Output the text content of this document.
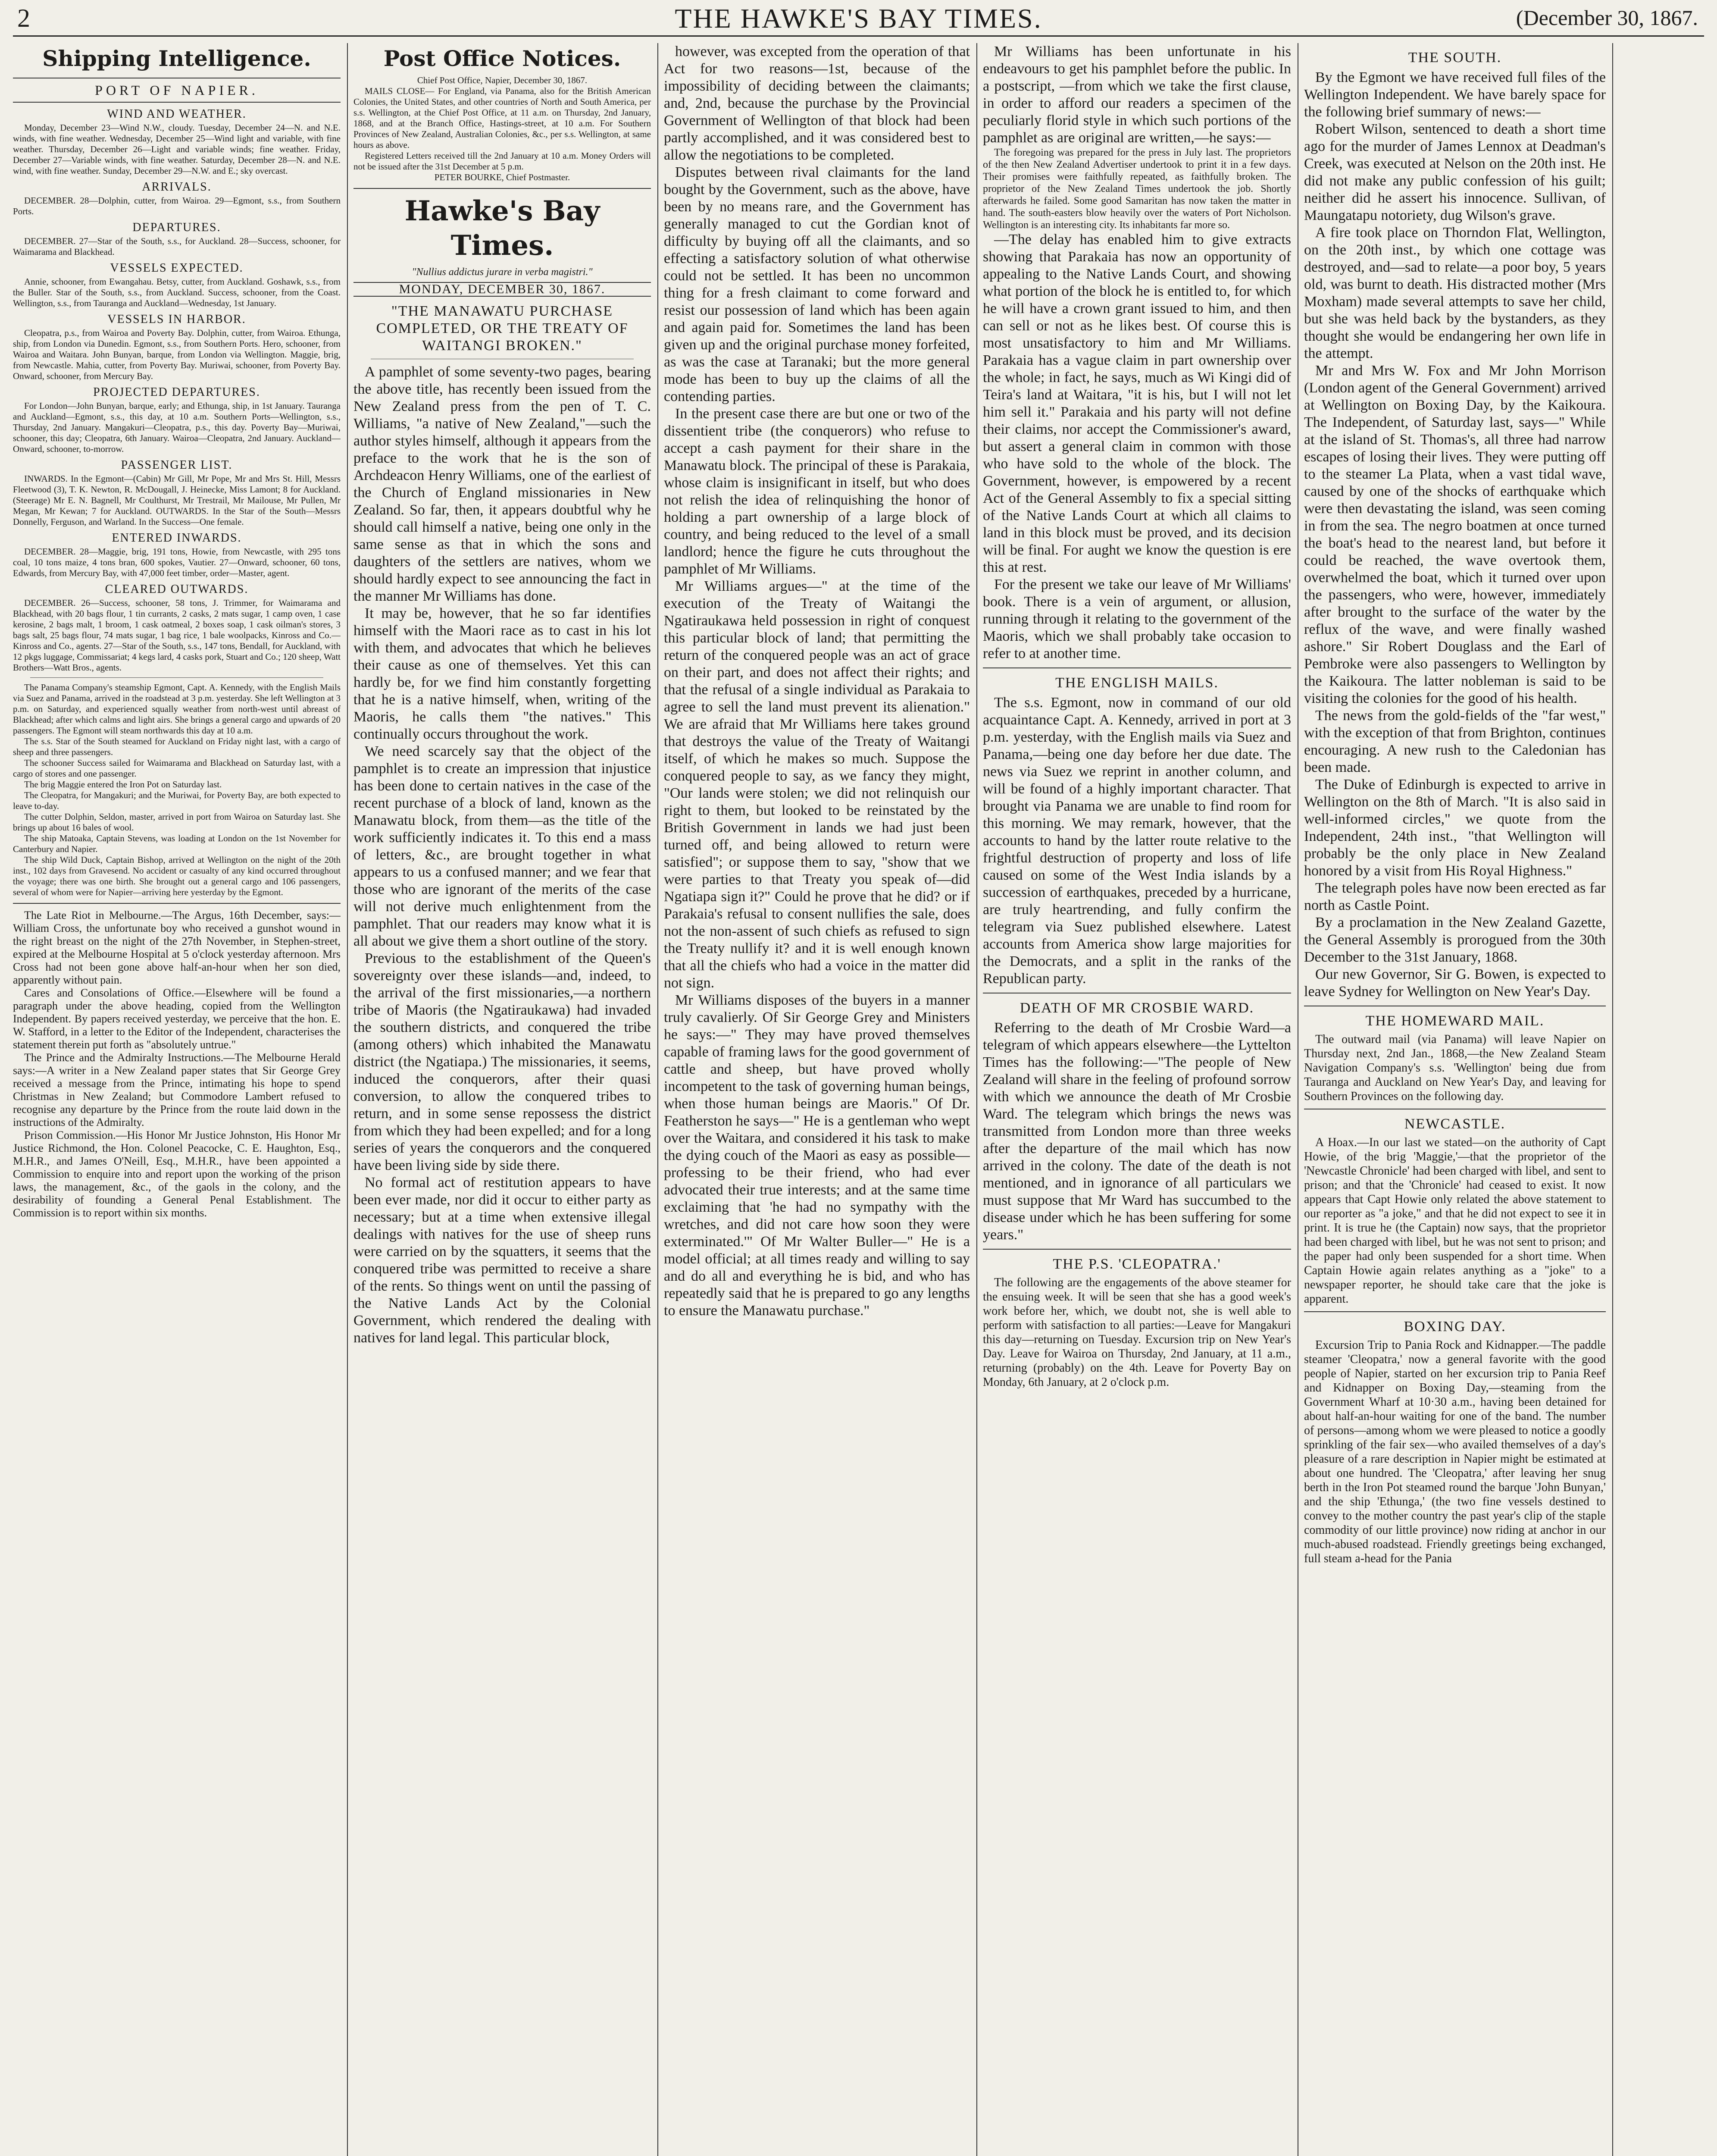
2	THE HAWKE'S BAY TIMES.	(December 30, 1867.
Shipping Intelligence.
PORT OF NAPIER.
WIND AND WEATHER.

Monday, December 23—Wind N.W., cloudy. Tuesday, December 24—N. and N.E. winds, with fine weather. Wednesday, December 25—Wind light and variable, with fine weather. Thursday, December 26—Light and variable winds; fine weather. Friday, December 27—Variable winds, with fine weather. Saturday, December 28—N. and N.E. wind, with fine weather. Sunday, December 29—N.W. and E.; sky overcast.

ARRIVALS.

DECEMBER. 28—Dolphin, cutter, from Wairoa. 29—Egmont, s.s., from Southern Ports.

DEPARTURES.

DECEMBER. 27—Star of the South, s.s., for Auckland. 28—Success, schooner, for Waimarama and Blackhead.

VESSELS EXPECTED.

Annie, schooner, from Ewangahau. Betsy, cutter, from Auckland. Goshawk, s.s., from the Buller. Star of the South, s.s., from Auckland. Success, schooner, from the Coast. Wellington, s.s., from Tauranga and Auckland—Wednesday, 1st January.

VESSELS IN HARBOR.

Cleopatra, p.s., from Wairoa and Poverty Bay. Dolphin, cutter, from Wairoa. Ethunga, ship, from London via Dunedin. Egmont, s.s., from Southern Ports. Hero, schooner, from Wairoa and Waitara. John Bunyan, barque, from London via Wellington. Maggie, brig, from Newcastle. Mahia, cutter, from Poverty Bay. Muriwai, schooner, from Poverty Bay. Onward, schooner, from Mercury Bay.

PROJECTED DEPARTURES.

For London—John Bunyan, barque, early; and Ethunga, ship, in 1st January. Tauranga and Auckland—Egmont, s.s., this day, at 10 a.m. Southern Ports—Wellington, s.s., Thursday, 2nd January. Mangakuri—Cleopatra, p.s., this day. Poverty Bay—Muriwai, schooner, this day; Cleopatra, 6th January. Wairoa—Cleopatra, 2nd January. Auckland—Onward, schooner, to-morrow.

PASSENGER LIST.

INWARDS. In the Egmont—(Cabin) Mr Gill, Mr Pope, Mr and Mrs St. Hill, Messrs Fleetwood (3), T. K. Newton, R. McDougall, J. Heinecke, Miss Lamont; 8 for Auckland. (Steerage) Mr E. N. Bagnell, Mr Coulthurst, Mr Trestrail, Mr Mailouse, Mr Pullen, Mr Megan, Mr Kewan; 7 for Auckland. OUTWARDS. In the Star of the South—Messrs Donnelly, Ferguson, and Warland. In the Success—One female.

ENTERED INWARDS.

DECEMBER. 28—Maggie, brig, 191 tons, Howie, from Newcastle, with 295 tons coal, 10 tons maize, 4 tons bran, 600 spokes, Vautier. 27—Onward, schooner, 60 tons, Edwards, from Mercury Bay, with 47,000 feet timber, order—Master, agent.

CLEARED OUTWARDS.

DECEMBER. 26—Success, schooner, 58 tons, J. Trimmer, for Waimarama and Blackhead, with 20 bags flour, 1 tin currants, 2 casks, 2 mats sugar, 1 camp oven, 1 case kerosine, 2 bags malt, 1 broom, 1 cask oatmeal, 2 boxes soap, 1 cask oilman's stores, 3 bags salt, 25 bags flour, 74 mats sugar, 1 bag rice, 1 bale woolpacks, Kinross and Co.—Kinross and Co., agents. 27—Star of the South, s.s., 147 tons, Bendall, for Auckland, with 12 pkgs luggage, Commissariat; 4 kegs lard, 4 casks pork, Stuart and Co.; 120 sheep, Watt Brothers—Watt Bros., agents.

The Panama Company's steamship Egmont, Capt. A. Kennedy, with the English Mails via Suez and Panama, arrived in the roadstead at 3 p.m. yesterday. She left Wellington at 3 p.m. on Saturday, and experienced squally weather from north-west until abreast of Blackhead; after which calms and light airs. She brings a general cargo and upwards of 20 passengers. The Egmont will steam northwards this day at 10 a.m.

The s.s. Star of the South steamed for Auckland on Friday night last, with a cargo of sheep and three passengers.

The schooner Success sailed for Waimarama and Blackhead on Saturday last, with a cargo of stores and one passenger.

The brig Maggie entered the Iron Pot on Saturday last.

The Cleopatra, for Mangakuri; and the Muriwai, for Poverty Bay, are both expected to leave to-day.

The cutter Dolphin, Seldon, master, arrived in port from Wairoa on Saturday last. She brings up about 16 bales of wool.

The ship Matoaka, Captain Stevens, was loading at London on the 1st November for Canterbury and Napier.

The ship Wild Duck, Captain Bishop, arrived at Wellington on the night of the 20th inst., 102 days from Gravesend. No accident or casualty of any kind occurred throughout the voyage; there was one birth. She brought out a general cargo and 106 passengers, several of whom were for Napier—arriving here yesterday by the Egmont.

The Late Riot in Melbourne.—The Argus, 16th December, says:—William Cross, the unfortunate boy who received a gunshot wound in the right breast on the night of the 27th November, in Stephen-street, expired at the Melbourne Hospital at 5 o'clock yesterday afternoon. Mrs Cross had not been gone above half-an-hour when her son died, apparently without pain.

Cares and Consolations of Office.—Elsewhere will be found a paragraph under the above heading, copied from the Wellington Independent. By papers received yesterday, we perceive that the hon. E. W. Stafford, in a letter to the Editor of the Independent, characterises the statement therein put forth as "absolutely untrue."

The Prince and the Admiralty Instructions.—The Melbourne Herald says:—A writer in a New Zealand paper states that Sir George Grey received a message from the Prince, intimating his hope to spend Christmas in New Zealand; but Commodore Lambert refused to recognise any departure by the Prince from the route laid down in the instructions of the Admiralty.

Prison Commission.—His Honor Mr Justice Johnston, His Honor Mr Justice Richmond, the Hon. Colonel Peacocke, C. E. Haughton, Esq., M.H.R., and James O'Neill, Esq., M.H.R., have been appointed a Commission to enquire into and report upon the working of the prison laws, the management, &c., of the gaols in the colony, and the desirability of founding a General Penal Establishment. The Commission is to report within six months.

Post Office Notices.
Chief Post Office, Napier, December 30, 1867.

MAILS CLOSE— For England, via Panama, also for the British American Colonies, the United States, and other countries of North and South America, per s.s. Wellington, at the Chief Post Office, at 11 a.m. on Thursday, 2nd January, 1868, and at the Branch Office, Hastings-street, at 10 a.m. For Southern Provinces of New Zealand, Australian Colonies, &c., per s.s. Wellington, at same hours as above.

Registered Letters received till the 2nd January at 10 a.m. Money Orders will not be issued after the 31st December at 5 p.m.

PETER BOURKE, Chief Postmaster.
Hawke's Bay Times.
"Nullius addictus jurare in verba magistri."
MONDAY, DECEMBER 30, 1867.
"THE MANAWATU PURCHASE COMPLETED, OR THE TREATY OF WAITANGI BROKEN."

A pamphlet of some seventy-two pages, bearing the above title, has recently been issued from the New Zealand press from the pen of T. C. Williams, "a native of New Zealand,"—such the author styles himself, although it appears from the preface to the work that he is the son of Archdeacon Henry Williams, one of the earliest of the Church of England missionaries in New Zealand. So far, then, it appears doubtful why he should call himself a native, being one only in the same sense as that in which the sons and daughters of the settlers are natives, whom we should hardly expect to see announcing the fact in the manner Mr Williams has done.

It may be, however, that he so far identifies himself with the Maori race as to cast in his lot with them, and advocates that which he believes their cause as one of themselves. Yet this can hardly be, for we find him constantly forgetting that he is a native himself, when, writing of the Maoris, he calls them "the natives." This continually occurs throughout the work.

We need scarcely say that the object of the pamphlet is to create an impression that injustice has been done to certain natives in the case of the recent purchase of a block of land, known as the Manawatu block, from them—as the title of the work sufficiently indicates it. To this end a mass of letters, &c., are brought together in what appears to us a confused manner; and we fear that those who are ignorant of the merits of the case will not derive much enlightenment from the pamphlet. That our readers may know what it is all about we give them a short outline of the story.

Previous to the establishment of the Queen's sovereignty over these islands—and, indeed, to the arrival of the first missionaries,—a northern tribe of Maoris (the Ngatiraukawa) had invaded the southern districts, and conquered the tribe (among others) which inhabited the Manawatu district (the Ngatiapa.) The missionaries, it seems, induced the conquerors, after their quasi conversion, to allow the conquered tribes to return, and in some sense repossess the district from which they had been expelled; and for a long series of years the conquerors and the conquered have been living side by side there.

No formal act of restitution appears to have been ever made, nor did it occur to either party as necessary; but at a time when extensive illegal dealings with natives for the use of sheep runs were carried on by the squatters, it seems that the conquered tribe was permitted to receive a share of the rents. So things went on until the passing of the Native Lands Act by the Colonial Government, which rendered the dealing with natives for land legal. This particular block,

however, was excepted from the operation of that Act for two reasons—1st, because of the impossibility of deciding between the claimants; and, 2nd, because the purchase by the Provincial Government of Wellington of that block had been partly accomplished, and it was considered best to allow the negotiations to be completed.

Disputes between rival claimants for the land bought by the Government, such as the above, have been by no means rare, and the Government has generally managed to cut the Gordian knot of difficulty by buying off all the claimants, and so effecting a satisfactory solution of what otherwise could not be settled. It has been no uncommon thing for a fresh claimant to come forward and resist our possession of land which has been again and again paid for. Sometimes the land has been given up and the original purchase money forfeited, as was the case at Taranaki; but the more general mode has been to buy up the claims of all the contending parties.

In the present case there are but one or two of the dissentient tribe (the conquerors) who refuse to accept a cash payment for their share in the Manawatu block. The principal of these is Parakaia, whose claim is insignificant in itself, but who does not relish the idea of relinquishing the honor of holding a part ownership of a large block of country, and being reduced to the level of a small landlord; hence the figure he cuts throughout the pamphlet of Mr Williams.

Mr Williams argues—" at the time of the execution of the Treaty of Waitangi the Ngatiraukawa held possession in right of conquest this particular block of land; that permitting the return of the conquered people was an act of grace on their part, and does not affect their rights; and that the refusal of a single individual as Parakaia to agree to sell the land must prevent its alienation." We are afraid that Mr Williams here takes ground that destroys the value of the Treaty of Waitangi itself, of which he makes so much. Suppose the conquered people to say, as we fancy they might, "Our lands were stolen; we did not relinquish our right to them, but looked to be reinstated by the British Government in lands we had just been turned off, and being allowed to return were satisfied"; or suppose them to say, "show that we were parties to that Treaty you speak of—did Ngatiapa sign it?" Could he prove that he did? or if Parakaia's refusal to consent nullifies the sale, does not the non-assent of such chiefs as refused to sign the Treaty nullify it? and it is well enough known that all the chiefs who had a voice in the matter did not sign.

Mr Williams disposes of the buyers in a manner truly cavalierly. Of Sir George Grey and Ministers he says:—" They may have proved themselves capable of framing laws for the good government of cattle and sheep, but have proved wholly incompetent to the task of governing human beings, when those human beings are Maoris." Of Dr. Featherston he says—" He is a gentleman who wept over the Waitara, and considered it his task to make the dying couch of the Maori as easy as possible—professing to be their friend, who had ever advocated their true interests; and at the same time exclaiming that 'he had no sympathy with the wretches, and did not care how soon they were exterminated.'" Of Mr Walter Buller—" He is a model official; at all times ready and willing to say and do all and everything he is bid, and who has repeatedly said that he is prepared to go any lengths to ensure the Manawatu purchase."

Mr Williams has been unfortunate in his endeavours to get his pamphlet before the public. In a postscript, —from which we take the first clause, in order to afford our readers a specimen of the peculiarly florid style in which such portions of the pamphlet as are original are written,—he says:—

The foregoing was prepared for the press in July last. The proprietors of the then New Zealand Advertiser undertook to print it in a few days. Their promises were faithfully repeated, as faithfully broken. The proprietor of the New Zealand Times undertook the job. Shortly afterwards he failed. Some good Samaritan has now taken the matter in hand. The south-easters blow heavily over the waters of Port Nicholson. Wellington is an interesting city. Its inhabitants far more so.

—The delay has enabled him to give extracts showing that Parakaia has now an opportunity of appealing to the Native Lands Court, and showing what portion of the block he is entitled to, for which he will have a crown grant issued to him, and then can sell or not as he likes best. Of course this is most unsatisfactory to him and Mr Williams. Parakaia has a vague claim in part ownership over the whole; in fact, he says, much as Wi Kingi did of Teira's land at Waitara, "it is his, but I will not let him sell it." Parakaia and his party will not define their claims, nor accept the Commissioner's award, but assert a general claim in common with those who have sold to the whole of the block. The Government, however, is empowered by a recent Act of the General Assembly to fix a special sitting of the Native Lands Court at which all claims to land in this block must be proved, and its decision will be final. For aught we know the question is ere this at rest.

For the present we take our leave of Mr Williams' book. There is a vein of argument, or allusion, running through it relating to the government of the Maoris, which we shall probably take occasion to refer to at another time.

THE ENGLISH MAILS.

The s.s. Egmont, now in command of our old acquaintance Capt. A. Kennedy, arrived in port at 3 p.m. yesterday, with the English mails via Suez and Panama,—being one day before her due date. The news via Suez we reprint in another column, and will be found of a highly important character. That brought via Panama we are unable to find room for this morning. We may remark, however, that the accounts to hand by the latter route relative to the frightful destruction of property and loss of life caused on some of the West India islands by a succession of earthquakes, preceded by a hurricane, are truly heartrending, and fully confirm the telegram via Suez published elsewhere. Latest accounts from America show large majorities for the Democrats, and a split in the ranks of the Republican party.

DEATH OF MR CROSBIE WARD.

Referring to the death of Mr Crosbie Ward—a telegram of which appears elsewhere—the Lyttelton Times has the following:—"The people of New Zealand will share in the feeling of profound sorrow with which we announce the death of Mr Crosbie Ward. The telegram which brings the news was transmitted from London more than three weeks after the departure of the mail which has now arrived in the colony. The date of the death is not mentioned, and in ignorance of all particulars we must suppose that Mr Ward has succumbed to the disease under which he has been suffering for some years."

THE P.S. 'CLEOPATRA.'

The following are the engagements of the above steamer for the ensuing week. It will be seen that she has a good week's work before her, which, we doubt not, she is well able to perform with satisfaction to all parties:—Leave for Mangakuri this day—returning on Tuesday. Excursion trip on New Year's Day. Leave for Wairoa on Thursday, 2nd January, at 11 a.m., returning (probably) on the 4th. Leave for Poverty Bay on Monday, 6th January, at 2 o'clock p.m.

THE SOUTH.

By the Egmont we have received full files of the Wellington Independent. We have barely space for the following brief summary of news:—

Robert Wilson, sentenced to death a short time ago for the murder of James Lennox at Deadman's Creek, was executed at Nelson on the 20th inst. He did not make any public confession of his guilt; neither did he assert his innocence. Sullivan, of Maungatapu notoriety, dug Wilson's grave.

A fire took place on Thorndon Flat, Wellington, on the 20th inst., by which one cottage was destroyed, and—sad to relate—a poor boy, 5 years old, was burnt to death. His distracted mother (Mrs Moxham) made several attempts to save her child, but she was held back by the bystanders, as they thought she would be endangering her own life in the attempt.

Mr and Mrs W. Fox and Mr John Morrison (London agent of the General Government) arrived at Wellington on Boxing Day, by the Kaikoura. The Independent, of Saturday last, says—" While at the island of St. Thomas's, all three had narrow escapes of losing their lives. They were putting off to the steamer La Plata, when a vast tidal wave, caused by one of the shocks of earthquake which were then devastating the island, was seen coming in from the sea. The negro boatmen at once turned the boat's head to the nearest land, but before it could be reached, the wave overtook them, overwhelmed the boat, which it turned over upon the passengers, who were, however, immediately after brought to the surface of the water by the reflux of the wave, and were finally washed ashore." Sir Robert Douglass and the Earl of Pembroke were also passengers to Wellington by the Kaikoura. The latter nobleman is said to be visiting the colonies for the good of his health.

The news from the gold-fields of the "far west," with the exception of that from Brighton, continues encouraging. A new rush to the Caledonian has been made.

The Duke of Edinburgh is expected to arrive in Wellington on the 8th of March. "It is also said in well-informed circles," we quote from the Independent, 24th inst., "that Wellington will probably be the only place in New Zealand honored by a visit from His Royal Highness."

The telegraph poles have now been erected as far north as Castle Point.

By a proclamation in the New Zealand Gazette, the General Assembly is prorogued from the 30th December to the 31st January, 1868.

Our new Governor, Sir G. Bowen, is expected to leave Sydney for Wellington on New Year's Day.

THE HOMEWARD MAIL.

The outward mail (via Panama) will leave Napier on Thursday next, 2nd Jan., 1868,—the New Zealand Steam Navigation Company's s.s. 'Wellington' being due from Tauranga and Auckland on New Year's Day, and leaving for Southern Provinces on the following day.

NEWCASTLE.

A Hoax.—In our last we stated—on the authority of Capt Howie, of the brig 'Maggie,'—that the proprietor of the 'Newcastle Chronicle' had been charged with libel, and sent to prison; and that the 'Chronicle' had ceased to exist. It now appears that Capt Howie only related the above statement to our reporter as "a joke," and that he did not expect to see it in print. It is true he (the Captain) now says, that the proprietor had been charged with libel, but he was not sent to prison; and the paper had only been suspended for a short time. When Captain Howie again relates anything as a "joke" to a newspaper reporter, he should take care that the joke is apparent.

BOXING DAY.

Excursion Trip to Pania Rock and Kidnapper.—The paddle steamer 'Cleopatra,' now a general favorite with the good people of Napier, started on her excursion trip to Pania Reef and Kidnapper on Boxing Day,—steaming from the Government Wharf at 10·30 a.m., having been detained for about half-an-hour waiting for one of the band. The number of persons—among whom we were pleased to notice a goodly sprinkling of the fair sex—who availed themselves of a day's pleasure of a rare description in Napier might be estimated at about one hundred. The 'Cleopatra,' after leaving her snug berth in the Iron Pot steamed round the barque 'John Bunyan,' and the ship 'Ethunga,' (the two fine vessels destined to convey to the mother country the past year's clip of the staple commodity of our little province) now riding at anchor in our much-abused roadstead. Friendly greetings being exchanged, full steam a-head for the Pania
